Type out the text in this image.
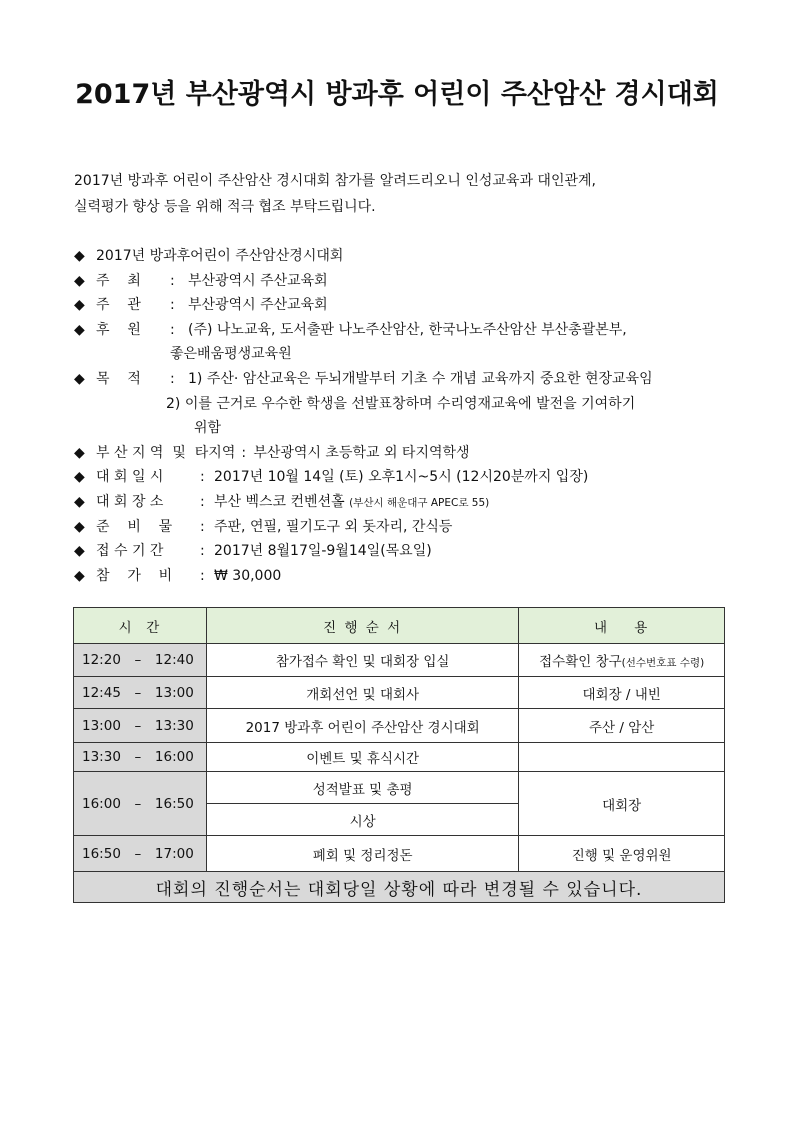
2017년 부산광역시 방과후 어린이 주산암산 경시대회
2017년 방과후 어린이 주산암산 경시대회 참가를 알려드리오니 인성교육과 대인관계,
실력평가 향상 등을 위해 적극 협조 부탁드립니다.
◆ 2017년 방과후어린이 주산암산경시대회
◆ 주    최	: 부산광역시 주산교육회
◆ 주    관	: 부산광역시 주산교육회
◆ 후    원	: (주) 나노교육, 도서출판 나노주산암산, 한국나노주산암산 부산총괄본부,
좋은배움평생교육원
◆ 목    적	: 1) 주산· 암산교육은 두뇌개발부터 기초 수 개념 교육까지 중요한 현장교육임
2) 이를 근거로 우수한 학생을 선발표창하며 수리영재교육에 발전을 기여하기
위함
◆ 부 산 지 역  및  타지역 : 부산광역시 초등학교 외 타지역학생
◆ 대 회 일 시	: 2017년 10월 14일 (토) 오후1시~5시 (12시20분까지 입장)
◆ 대 회 장 소	: 부산 벡스코 컨벤션홀 (부산시 해운대구 APEC로 55)
◆ 준    비    물	: 주판, 연필, 필기도구 외 돗자리, 간식등
◆ 접 수 기 간	: 2017년 8월17일-9월14일(목요일)
◆ 참    가    비	: ₩ 30,000
시  간	진 행 순 서	내    용
12:20 – 12:40	참가접수 확인 및 대회장 입실	접수확인 창구(선수번호표 수령)
12:45 – 13:00	개회선언 및 대회사	대회장 / 내빈
13:00 – 13:30	2017 방과후 어린이 주산암산 경시대회	주산 / 암산
13:30 – 16:00	이벤트 및 휴식시간	
16:00 – 16:50	성적발표 및 총평	대회장
	시상	
16:50 – 17:00	폐회 및 정리정돈	진행 및 운영위원
대회의 진행순서는 대회당일 상황에 따라 변경될 수 있습니다.		
